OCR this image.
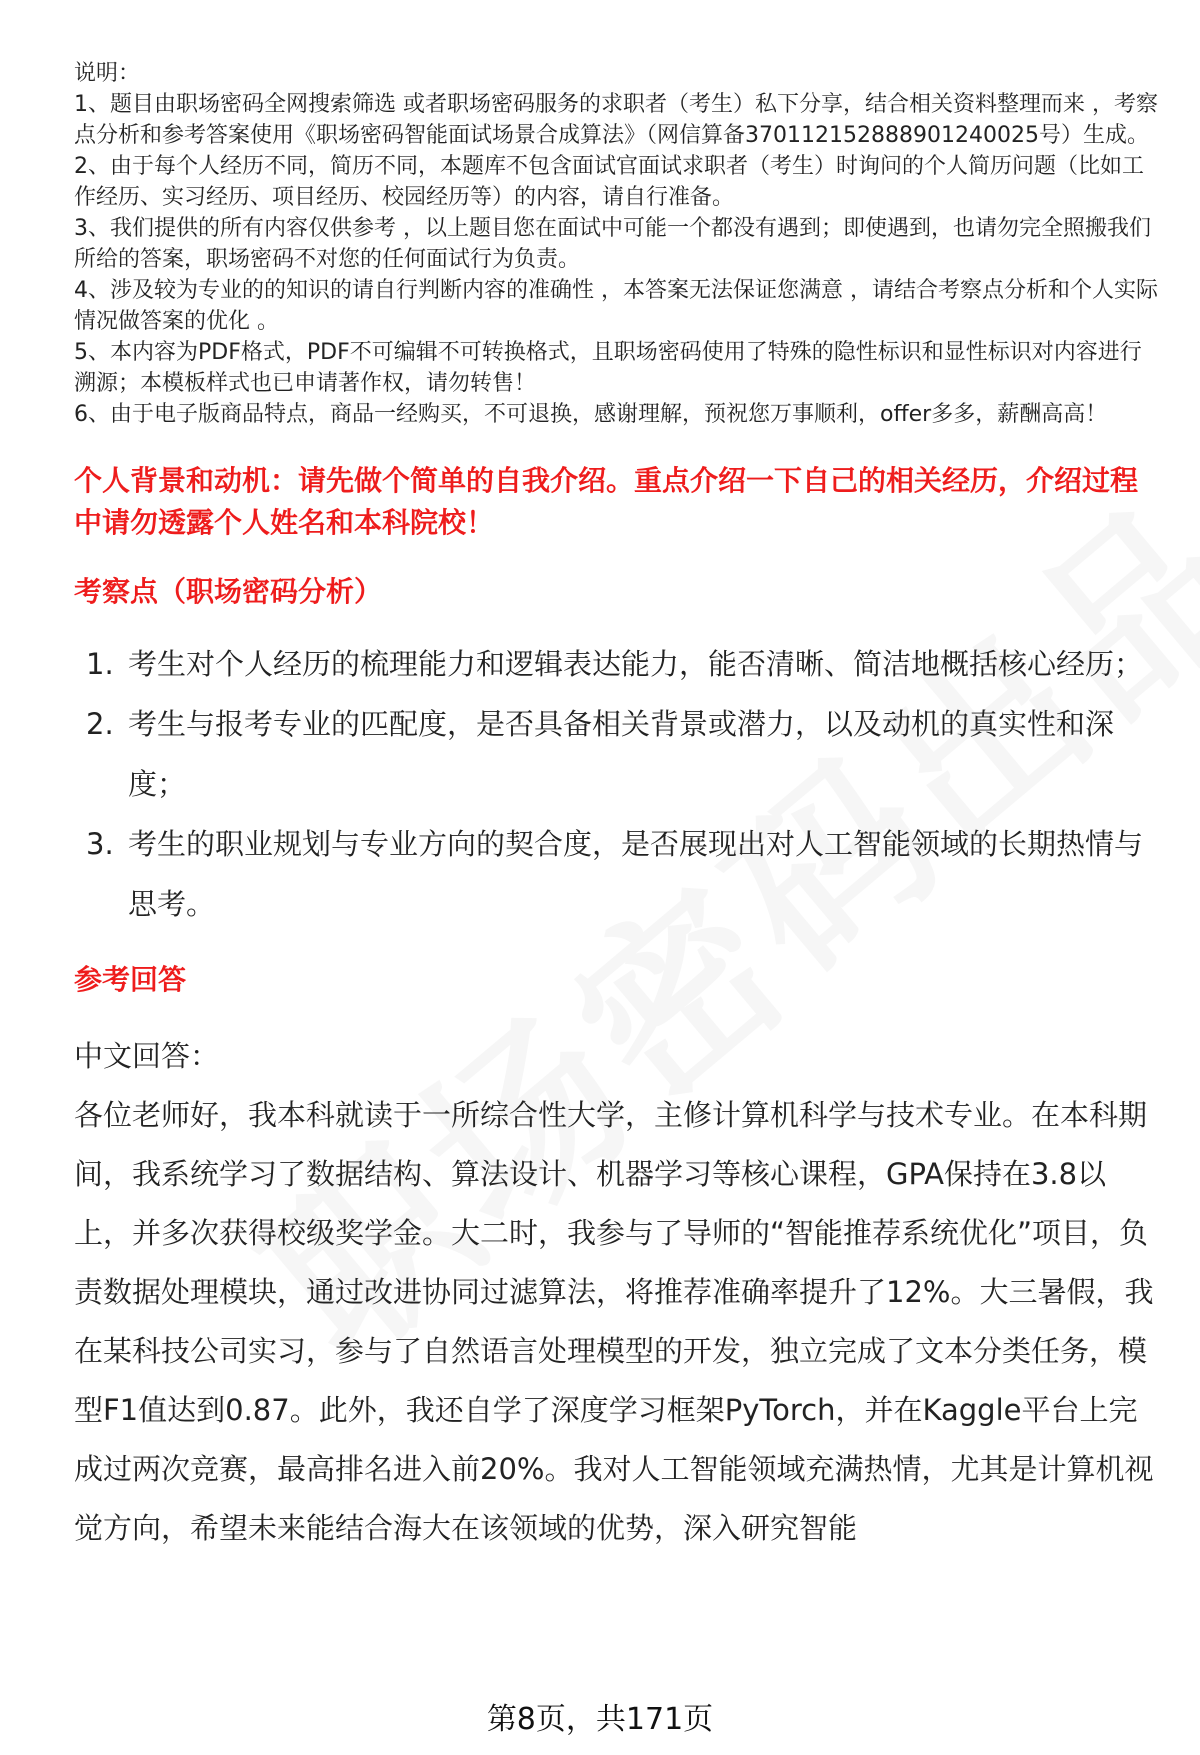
说明：

1、题目由职场密码全网搜索筛选 或者职场密码服务的求职者（考生）私下分享，结合相关资料整理而来 ，考察点分析和参考答案使用《职场密码智能面试场景合成算法》（网信算备370112152888901240025号）生成。

2、由于每个人经历不同，简历不同，本题库不包含面试官面试求职者（考生）时询问的个人简历问题（比如工作经历、实习经历、项目经历、校园经历等）的内容，请自行准备。

3、我们提供的所有内容仅供参考 ，以上题目您在面试中可能一个都没有遇到；即使遇到，也请勿完全照搬我们所给的答案，职场密码不对您的任何面试行为负责。

4、涉及较为专业的的知识的请自行判断内容的准确性 ，本答案无法保证您满意 ，请结合考察点分析和个人实际情况做答案的优化 。

5、本内容为PDF格式，PDF不可编辑不可转换格式，且职场密码使用了特殊的隐性标识和显性标识对内容进行溯源；本模板样式也已申请著作权，请勿转售！

6、由于电子版商品特点，商品一经购买，不可退换，感谢理解，预祝您万事顺利，offer多多，薪酬高高！

个人背景和动机：请先做个简单的自我介绍。重点介绍一下自己的相关经历，介绍过程中请勿透露个人姓名和本科院校！
考察点（职场密码分析）
1. 考生对个人经历的梳理能力和逻辑表达能力，能否清晰、简洁地概括核心经历；
2. 考生与报考专业的匹配度，是否具备相关背景或潜力，以及动机的真实性和深度；
3. 考生的职业规划与专业方向的契合度，是否展现出对人工智能领域的长期热情与思考。
参考回答
中文回答：

各位老师好，我本科就读于一所综合性大学，主修计算机科学与技术专业。在本科期间，我系统学习了数据结构、算法设计、机器学习等核心课程，GPA保持在3.8以上，并多次获得校级奖学金。大二时，我参与了导师的“智能推荐系统优化”项目，负责数据处理模块，通过改进协同过滤算法，将推荐准确率提升了12%。大三暑假，我在某科技公司实习，参与了自然语言处理模型的开发，独立完成了文本分类任务，模型F1值达到0.87。此外，我还自学了深度学习框架PyTorch，并在Kaggle平台上完成过两次竞赛，最高排名进入前20%。我对人工智能领域充满热情，尤其是计算机视觉方向，希望未来能结合海大在该领域的优势，深入研究智能

第8页，共171页
